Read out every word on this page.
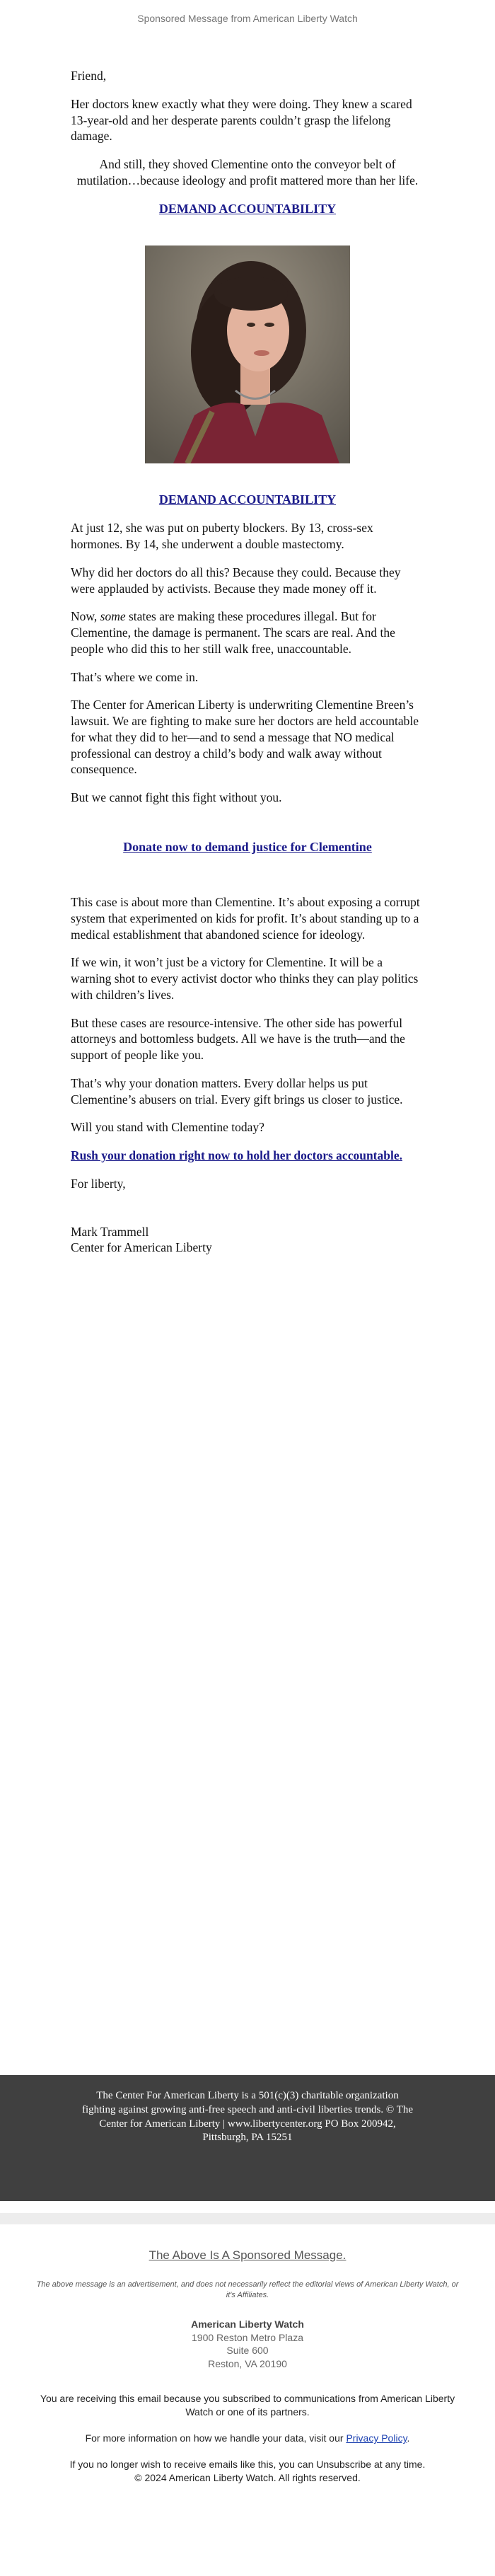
Sponsored Message from American Liberty Watch

Friend,

Her doctors knew exactly what they were doing. They knew a scared 13-year-old and her desperate parents couldn’t grasp the lifelong damage.

And still, they shoved Clementine onto the conveyor belt of mutilation…because ideology and profit mattered more than her life.

DEMAND ACCOUNTABILITY
DEMAND ACCOUNTABILITY

At just 12, she was put on puberty blockers. By 13, cross-sex hormones. By 14, she underwent a double mastectomy.

Why did her doctors do all this? Because they could. Because they were applauded by activists. Because they made money off it.

Now, some states are making these procedures illegal. But for Clementine, the damage is permanent. The scars are real. And the people who did this to her still walk free, unaccountable.

That’s where we come in.

The Center for American Liberty is underwriting Clementine Breen’s lawsuit. We are fighting to make sure her doctors are held accountable for what they did to her—and to send a message that NO medical professional can destroy a child’s body and walk away without consequence.

But we cannot fight this fight without you.

Donate now to demand justice for Clementine

This case is about more than Clementine. It’s about exposing a corrupt system that experimented on kids for profit. It’s about standing up to a medical establishment that abandoned science for ideology.

If we win, it won’t just be a victory for Clementine. It will be a warning shot to every activist doctor who thinks they can play politics with children’s lives.

But these cases are resource-intensive. The other side has powerful attorneys and bottomless budgets. All we have is the truth—and the support of people like you.

That’s why your donation matters. Every dollar helps us put Clementine’s abusers on trial. Every gift brings us closer to justice.

Will you stand with Clementine today?

Rush your donation right now to hold her doctors accountable.

For liberty,

Mark Trammell
Center for American Liberty
The Center For American Liberty is a 501(c)(3) charitable organization fighting against growing anti-free speech and anti-civil liberties trends. © The Center for American Liberty | www.libertycenter.org PO Box 200942, Pittsburgh, PA 15251
The Above Is A Sponsored Message.
The above message is an advertisement, and does not necessarily reflect the editorial views of American Liberty Watch, or it's Affiliates.
American Liberty Watch
1900 Reston Metro Plaza
Suite 600
Reston, VA 20190
You are receiving this email because you subscribed to communications from American Liberty Watch or one of its partners.
For more information on how we handle your data, visit our Privacy Policy.
If you no longer wish to receive emails like this, you can Unsubscribe at any time.
© 2024 American Liberty Watch. All rights reserved.
